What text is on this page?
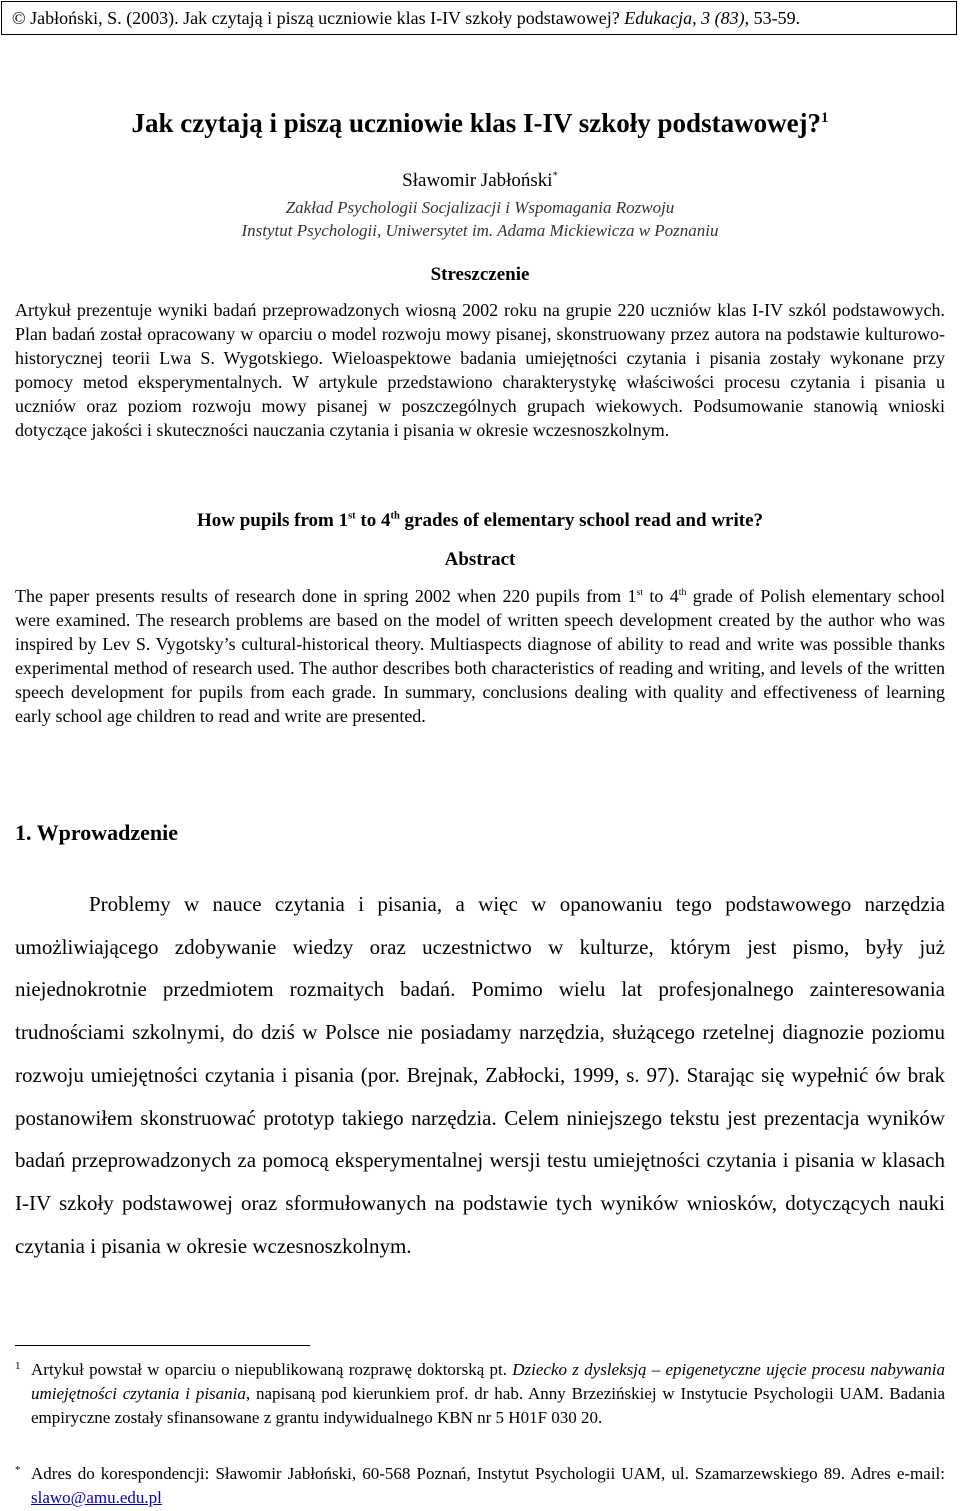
© Jabłoński, S. (2003). Jak czytają i piszą uczniowie klas I-IV szkoły podstawowej? Edukacja, 3 (83), 53-59.
Jak czytają i piszą uczniowie klas I-IV szkoły podstawowej?$^1$
Sławomir Jabłoński*
Zakład Psychologii Socjalizacji i Wspomagania Rozwoju
Instytut Psychologii, Uniwersytet im. Adama Mickiewicza w Poznaniu
Streszczenie

Artykuł prezentuje wyniki badań przeprowadzonych wiosną 2002 roku na grupie 220 uczniów klas I-IV szkól podstawowych. Plan badań został opracowany w oparciu o model rozwoju mowy pisanej, skonstruowany przez autora na podstawie kulturowo-historycznej teorii Lwa S. Wygotskiego. Wieloaspektowe badania umiejętności czytania i pisania zostały wykonane przy pomocy metod eksperymentalnych. W artykule przedstawiono charakterystykę właściwości procesu czytania i pisania u uczniów oraz poziom rozwoju mowy pisanej w poszczególnych grupach wiekowych. Podsumowanie stanowią wnioski dotyczące jakości i skuteczności nauczania czytania i pisania w okresie wczesnoszkolnym.

How pupils from 1st to 4th grades of elementary school read and write?
Abstract

The paper presents results of research done in spring 2002 when 220 pupils from 1st to 4th grade of Polish elementary school were examined. The research problems are based on the model of written speech development created by the author who was inspired by Lev S. Vygotsky’s cultural-historical theory. Multiaspects diagnose of ability to read and write was possible thanks experimental method of research used. The author describes both characteristics of reading and writing, and levels of the written speech development for pupils from each grade. In summary, conclusions dealing with quality and effectiveness of learning early school age children to read and write are presented.

1. Wprowadzenie

Problemy w nauce czytania i pisania, a więc w opanowaniu tego podstawowego narzędzia umożliwiającego zdobywanie wiedzy oraz uczestnictwo w kulturze, którym jest pismo, były już niejednokrotnie przedmiotem rozmaitych badań. Pomimo wielu lat profesjonalnego zainteresowania trudnościami szkolnymi, do dziś w Polsce nie posiadamy narzędzia, służącego rzetelnej diagnozie poziomu rozwoju umiejętności czytania i pisania (por. Brejnak, Zabłocki, 1999, s. 97). Starając się wypełnić ów brak postanowiłem skonstruować prototyp takiego narzędzia. Celem niniejszego tekstu jest prezentacja wyników badań przeprowadzonych za pomocą eksperymentalnej wersji testu umiejętności czytania i pisania w klasach I-IV szkoły podstawowej oraz sformułowanych na podstawie tych wyników wniosków, dotyczących nauki czytania i pisania w okresie wczesnoszkolnym.

1 Artykuł powstał w oparciu o niepublikowaną rozprawę doktorską pt. Dziecko z dysleksją – epigenetyczne ujęcie procesu nabywania umiejętności czytania i pisania, napisaną pod kierunkiem prof. dr hab. Anny Brzezińskiej w Instytucie Psychologii UAM. Badania empiryczne zostały sfinansowane z grantu indywidualnego KBN nr 5 H01F 030 20.
* Adres do korespondencji: Sławomir Jabłoński, 60-568 Poznań, Instytut Psychologii UAM, ul. Szamarzewskiego 89. Adres e-mail: slawo@amu.edu.pl
